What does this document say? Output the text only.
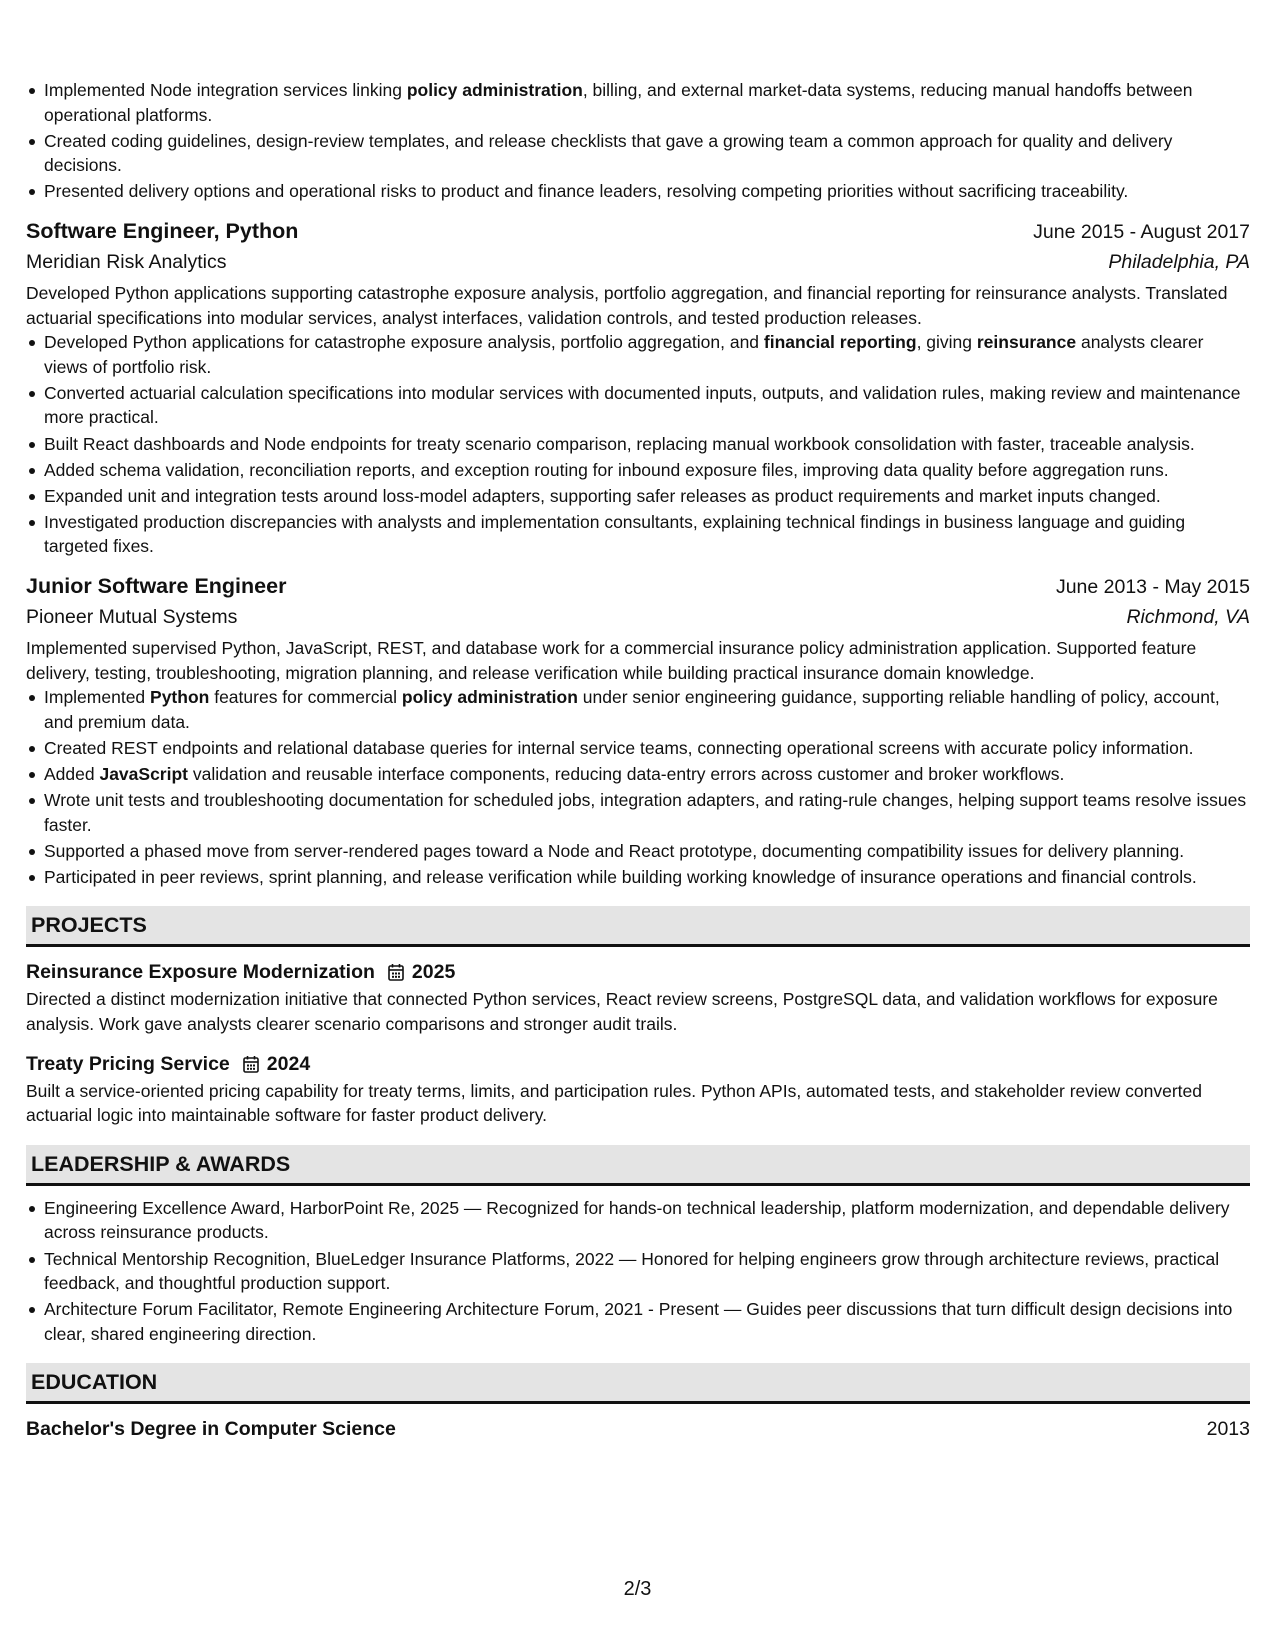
Implemented Node integration services linking policy administration, billing, and external market-data systems, reducing manual handoffs between operational platforms.
Created coding guidelines, design-review templates, and release checklists that gave a growing team a common approach for quality and delivery decisions.
Presented delivery options and operational risks to product and finance leaders, resolving competing priorities without sacrificing traceability.
Software Engineer, Python	June 2015 - August 2017
Meridian Risk Analytics	Philadelphia, PA
Developed Python applications supporting catastrophe exposure analysis, portfolio aggregation, and financial reporting for reinsurance analysts. Translated actuarial specifications into modular services, analyst interfaces, validation controls, and tested production releases.
Developed Python applications for catastrophe exposure analysis, portfolio aggregation, and financial reporting, giving reinsurance analysts clearer views of portfolio risk.
Converted actuarial calculation specifications into modular services with documented inputs, outputs, and validation rules, making review and maintenance more practical.
Built React dashboards and Node endpoints for treaty scenario comparison, replacing manual workbook consolidation with faster, traceable analysis.
Added schema validation, reconciliation reports, and exception routing for inbound exposure files, improving data quality before aggregation runs.
Expanded unit and integration tests around loss-model adapters, supporting safer releases as product requirements and market inputs changed.
Investigated production discrepancies with analysts and implementation consultants, explaining technical findings in business language and guiding targeted fixes.
Junior Software Engineer	June 2013 - May 2015
Pioneer Mutual Systems	Richmond, VA
Implemented supervised Python, JavaScript, REST, and database work for a commercial insurance policy administration application. Supported feature delivery, testing, troubleshooting, migration planning, and release verification while building practical insurance domain knowledge.
Implemented Python features for commercial policy administration under senior engineering guidance, supporting reliable handling of policy, account, and premium data.
Created REST endpoints and relational database queries for internal service teams, connecting operational screens with accurate policy information.
Added JavaScript validation and reusable interface components, reducing data-entry errors across customer and broker workflows.
Wrote unit tests and troubleshooting documentation for scheduled jobs, integration adapters, and rating-rule changes, helping support teams resolve issues faster.
Supported a phased move from server-rendered pages toward a Node and React prototype, documenting compatibility issues for delivery planning.
Participated in peer reviews, sprint planning, and release verification while building working knowledge of insurance operations and financial controls.
PROJECTS
Reinsurance Exposure Modernization 2025
Directed a distinct modernization initiative that connected Python services, React review screens, PostgreSQL data, and validation workflows for exposure analysis. Work gave analysts clearer scenario comparisons and stronger audit trails.
Treaty Pricing Service 2024
Built a service-oriented pricing capability for treaty terms, limits, and participation rules. Python APIs, automated tests, and stakeholder review converted actuarial logic into maintainable software for faster product delivery.
LEADERSHIP & AWARDS
Engineering Excellence Award, HarborPoint Re, 2025 — Recognized for hands-on technical leadership, platform modernization, and dependable delivery across reinsurance products.
Technical Mentorship Recognition, BlueLedger Insurance Platforms, 2022 — Honored for helping engineers grow through architecture reviews, practical feedback, and thoughtful production support.
Architecture Forum Facilitator, Remote Engineering Architecture Forum, 2021 - Present — Guides peer discussions that turn difficult design decisions into clear, shared engineering direction.
EDUCATION
Bachelor's Degree in Computer Science	2013
2/3
